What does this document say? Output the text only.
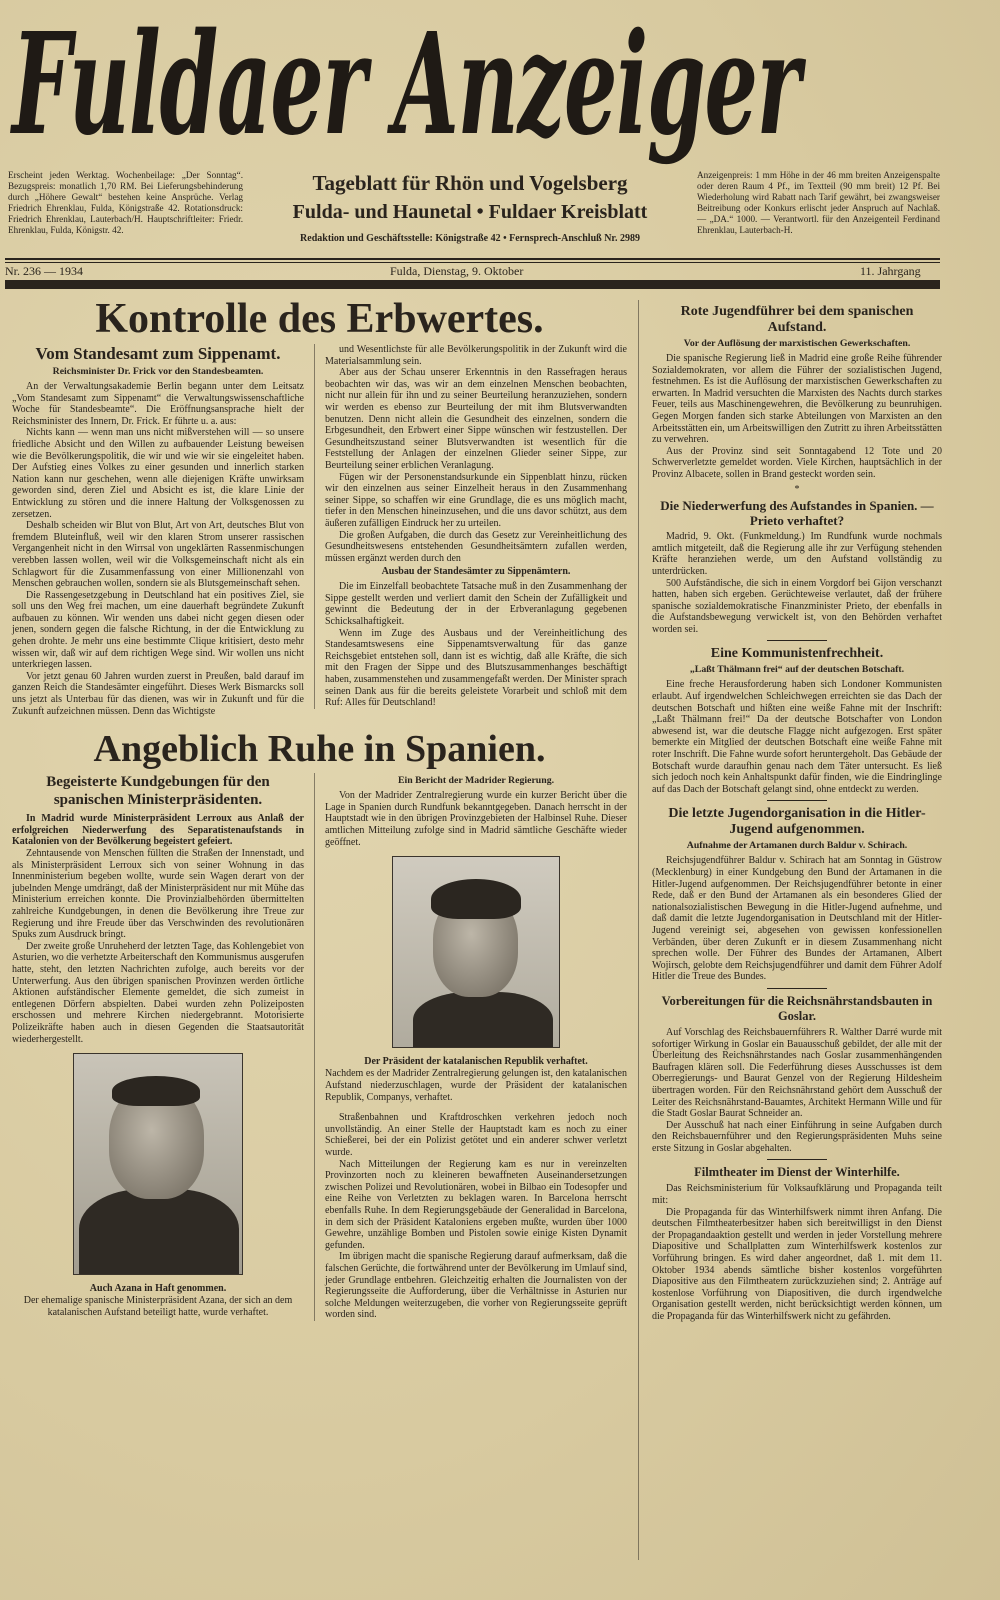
Fuldaer Anzeiger
Erscheint jeden Werktag. Wochenbeilage: „Der Sonntag“. Bezugspreis: monatlich 1,70 RM. Bei Lieferungsbehinderung durch „Höhere Gewalt“ bestehen keine Ansprüche. Verlag Friedrich Ehrenklau, Fulda, Königstraße 42. Rotationsdruck: Friedrich Ehrenklau, Lauterbach/H. Hauptschriftleiter: Friedr. Ehrenklau, Fulda, Königstr. 42.
Tageblatt für Rhön und Vogelsberg
Fulda- und Haunetal • Fuldaer Kreisblatt
Redaktion und Geschäftsstelle: Königstraße 42 • Fernsprech-Anschluß Nr. 2989
Anzeigenpreis: 1 mm Höhe in der 46 mm breiten Anzeigenspalte oder deren Raum 4 Pf., im Textteil (90 mm breit) 12 Pf. Bei Wiederholung wird Rabatt nach Tarif gewährt, bei zwangsweiser Beitreibung oder Konkurs erlischt jeder Anspruch auf Nachlaß. — „DA.“ 1000. — Verantwortl. für den Anzeigenteil Ferdinand Ehrenklau, Lauterbach-H.
Nr. 236 — 1934	Fulda, Dienstag, 9. Oktober	11. Jahrgang
Kontrolle des Erbwertes.
Vom Standesamt zum Sippenamt.
Reichsminister Dr. Frick vor den Standesbeamten.

An der Verwaltungsakademie Berlin begann unter dem Leitsatz „Vom Standesamt zum Sippenamt“ die Verwaltungswissenschaftliche Woche für Standesbeamte“. Die Eröffnungsansprache hielt der Reichsminister des Innern, Dr. Frick. Er führte u. a. aus:

Nichts kann — wenn man uns nicht mißverstehen will — so unsere friedliche Absicht und den Willen zu aufbauender Leistung beweisen wie die Bevölkerungspolitik, die wir und wie wir sie eingeleitet haben. Der Aufstieg eines Volkes zu einer gesunden und innerlich starken Nation kann nur geschehen, wenn alle diejenigen Kräfte unwirksam geworden sind, deren Ziel und Absicht es ist, die klare Linie der Entwicklung zu stören und die innere Haltung der Volksgenossen zu zersetzen.

Deshalb scheiden wir Blut von Blut, Art von Art, deutsches Blut von fremdem Bluteinfluß, weil wir den klaren Strom unserer rassischen Vergangenheit nicht in den Wirrsal von ungeklärten Rassenmischungen verebben lassen wollen, weil wir die Volksgemeinschaft nicht als ein Schlagwort für die Zusammenfassung von einer Millionenzahl von Menschen gebrauchen wollen, sondern sie als Blutsgemeinschaft sehen.

Die Rassengesetzgebung in Deutschland hat ein positives Ziel, sie soll uns den Weg frei machen, um eine dauerhaft begründete Zukunft aufbauen zu können. Wir wenden uns dabei nicht gegen diesen oder jenen, sondern gegen die falsche Richtung, in der die Entwicklung zu gehen drohte. Je mehr uns eine bestimmte Clique kritisiert, desto mehr wissen wir, daß wir auf dem richtigen Wege sind. Wir wollen uns nicht unterkriegen lassen.

Vor jetzt genau 60 Jahren wurden zuerst in Preußen, bald darauf im ganzen Reich die Standesämter eingeführt. Dieses Werk Bismarcks soll uns jetzt als Unterbau für das dienen, was wir in Zukunft und für die Zukunft aufzeichnen müssen. Denn das Wichtigste

und Wesentlichste für alle Bevölkerungspolitik in der Zukunft wird die Materialsammlung sein.

Aber aus der Schau unserer Erkenntnis in den Rassefragen heraus beobachten wir das, was wir an dem einzelnen Menschen beobachten, nicht nur allein für ihn und zu seiner Beurteilung heranzuziehen, sondern wir werden es ebenso zur Beurteilung der mit ihm Blutsverwandten benutzen. Denn nicht allein die Gesundheit des einzelnen, sondern die Erbgesundheit, den Erbwert einer Sippe wünschen wir festzustellen. Der Gesundheitszustand seiner Blutsverwandten ist wesentlich für die Feststellung der Anlagen der einzelnen Glieder seiner Sippe, zur Beurteilung seiner erblichen Veranlagung.

Fügen wir der Personenstandsurkunde ein Sippenblatt hinzu, rücken wir den einzelnen aus seiner Einzelheit heraus in den Zusammenhang seiner Sippe, so schaffen wir eine Grundlage, die es uns möglich macht, tiefer in den Menschen hineinzusehen, und die uns davor schützt, aus dem äußeren zufälligen Eindruck her zu urteilen.

Die großen Aufgaben, die durch das Gesetz zur Vereinheitlichung des Gesundheitswesens entstehenden Gesundheitsämtern zufallen werden, müssen ergänzt werden durch den

Ausbau der Standesämter zu Sippenämtern.

Die im Einzelfall beobachtete Tatsache muß in den Zusammenhang der Sippe gestellt werden und verliert damit den Schein der Zufälligkeit und gewinnt die Bedeutung der in der Erbveranlagung gegebenen Schicksalhaftigkeit.

Wenn im Zuge des Ausbaus und der Vereinheitlichung des Standesamtswesens eine Sippenamtsverwaltung für das ganze Reichsgebiet entstehen soll, dann ist es wichtig, daß alle Kräfte, die sich mit den Fragen der Sippe und des Blutszusammenhanges beschäftigt haben, zusammenstehen und zusammengefaßt werden. Der Minister sprach seinen Dank aus für die bereits geleistete Vorarbeit und schloß mit dem Ruf: Alles für Deutschland!

Angeblich Ruhe in Spanien.
Begeisterte Kundgebungen für den spanischen Ministerpräsidenten.

In Madrid wurde Ministerpräsident Lerroux aus Anlaß der erfolgreichen Niederwerfung des Separatistenaufstands in Katalonien von der Bevölkerung begeistert gefeiert.

Zehntausende von Menschen füllten die Straßen der Innenstadt, und als Ministerpräsident Lerroux sich von seiner Wohnung in das Innenministerium begeben wollte, wurde sein Wagen derart von der jubelnden Menge umdrängt, daß der Ministerpräsident nur mit Mühe das Ministerium erreichen konnte. Die Provinzialbehörden übermittelten zahlreiche Kundgebungen, in denen die Bevölkerung ihre Treue zur Regierung und ihre Freude über das Verschwinden des revolutionären Spuks zum Ausdruck bringt.

Der zweite große Unruheherd der letzten Tage, das Kohlengebiet von Asturien, wo die verhetzte Arbeiterschaft den Kommunismus ausgerufen hatte, steht, den letzten Nachrichten zufolge, auch bereits vor der Unterwerfung. Aus den übrigen spanischen Provinzen werden örtliche Aktionen aufständischer Elemente gemeldet, die sich zumeist in entlegenen Dörfern abspielten. Dabei wurden zehn Polizeiposten erschossen und mehrere Kirchen niedergebrannt. Motorisierte Polizeikräfte haben auch in diesen Gegenden die Staatsautorität wiederhergestellt.

Auch Azana in Haft genommen.
Der ehemalige spanische Ministerpräsident Azana, der sich an dem katalanischen Aufstand beteiligt hatte, wurde verhaftet.
Ein Bericht der Madrider Regierung.

Von der Madrider Zentralregierung wurde ein kurzer Bericht über die Lage in Spanien durch Rundfunk bekanntgegeben. Danach herrscht in der Hauptstadt wie in den übrigen Provinzgebieten der Halbinsel Ruhe. Dieser amtlichen Mitteilung zufolge sind in Madrid sämtliche Geschäfte wieder geöffnet.

Der Präsident der katalanischen Republik verhaftet.
Nachdem es der Madrider Zentralregierung gelungen ist, den katalanischen Aufstand niederzuschlagen, wurde der Präsident der katalanischen Republik, Companys, verhaftet.

Straßenbahnen und Kraftdroschken verkehren jedoch noch unvollständig. An einer Stelle der Hauptstadt kam es noch zu einer Schießerei, bei der ein Polizist getötet und ein anderer schwer verletzt wurde.

Nach Mitteilungen der Regierung kam es nur in vereinzelten Provinzorten noch zu kleineren bewaffneten Auseinandersetzungen zwischen Polizei und Revolutionären, wobei in Bilbao ein Todesopfer und eine Reihe von Verletzten zu beklagen waren. In Barcelona herrscht ebenfalls Ruhe. In dem Regierungsgebäude der Generalidad in Barcelona, in dem sich der Präsident Kataloniens ergeben mußte, wurden über 1000 Gewehre, unzählige Bomben und Pistolen sowie einige Kisten Dynamit gefunden.

Im übrigen macht die spanische Regierung darauf aufmerksam, daß die falschen Gerüchte, die fortwährend unter der Bevölkerung im Umlauf sind, jeder Grundlage entbehren. Gleichzeitig erhalten die Journalisten von der Regierungsseite die Aufforderung, über die Verhältnisse in Asturien nur solche Meldungen weiterzugeben, die vorher von Regierungsseite geprüft worden sind.

Rote Jugendführer bei dem spanischen Aufstand.
Vor der Auflösung der marxistischen Gewerkschaften.

Die spanische Regierung ließ in Madrid eine große Reihe führender Sozialdemokraten, vor allem die Führer der sozialistischen Jugend, festnehmen. Es ist die Auflösung der marxistischen Gewerkschaften zu erwarten. In Madrid versuchten die Marxisten des Nachts durch starkes Feuer, teils aus Maschinengewehren, die Bevölkerung zu beunruhigen. Gegen Morgen fanden sich starke Abteilungen von Marxisten an den Arbeitsstätten ein, um Arbeitswilligen den Zutritt zu ihren Arbeitsstätten zu verwehren.

Aus der Provinz sind seit Sonntagabend 12 Tote und 20 Schwerverletzte gemeldet worden. Viele Kirchen, hauptsächlich in der Provinz Albacete, sollen in Brand gesteckt worden sein.

*
Die Niederwerfung des Aufstandes in Spanien. — Prieto verhaftet?

Madrid, 9. Okt. (Funkmeldung.) Im Rundfunk wurde nochmals amtlich mitgeteilt, daß die Regierung alle ihr zur Verfügung stehenden Kräfte heranziehen werde, um den Aufstand vollständig zu unterdrücken.

500 Aufständische, die sich in einem Vorgdorf bei Gijon verschanzt hatten, haben sich ergeben. Gerüchteweise verlautet, daß der frühere spanische sozialdemokratische Finanzminister Prieto, der ebenfalls in die Aufstandsbewegung verwickelt ist, von den Behörden verhaftet worden sei.

Eine Kommunistenfrechheit.
„Laßt Thälmann frei“ auf der deutschen Botschaft.

Eine freche Herausforderung haben sich Londoner Kommunisten erlaubt. Auf irgendwelchen Schleichwegen erreichten sie das Dach der deutschen Botschaft und hißten eine weiße Fahne mit der Inschrift: „Laßt Thälmann frei!“ Da der deutsche Botschafter von London abwesend ist, war die deutsche Flagge nicht aufgezogen. Erst später bemerkte ein Mitglied der deutschen Botschaft eine weiße Fahne mit roter Inschrift. Die Fahne wurde sofort heruntergeholt. Das Gebäude der Botschaft wurde daraufhin genau nach dem Täter untersucht. Es ließ sich jedoch noch kein Anhaltspunkt dafür finden, wie die Eindringlinge auf das Dach der Botschaft gelangt sind, ohne entdeckt zu werden.

Die letzte Jugendorganisation in die Hitler-Jugend aufgenommen.
Aufnahme der Artamanen durch Baldur v. Schirach.

Reichsjugendführer Baldur v. Schirach hat am Sonntag in Güstrow (Mecklenburg) in einer Kundgebung den Bund der Artamanen in die Hitler-Jugend aufgenommen. Der Reichsjugendführer betonte in einer Rede, daß er den Bund der Artamanen als ein besonderes Glied der nationalsozialistischen Bewegung in die Hitler-Jugend aufnehme, und daß damit die letzte Jugendorganisation in Deutschland mit der Hitler-Jugend vereinigt sei, abgesehen von gewissen konfessionellen Verbänden, über deren Zukunft er in diesem Zusammenhang nicht sprechen wolle. Der Führer des Bundes der Artamanen, Albert Wojirsch, gelobte dem Reichsjugendführer und damit dem Führer Adolf Hitler die Treue des Bundes.

Vorbereitungen für die Reichsnährstandsbauten in Goslar.

Auf Vorschlag des Reichsbauernführers R. Walther Darré wurde mit sofortiger Wirkung in Goslar ein Bauausschuß gebildet, der alle mit der Überleitung des Reichsnährstandes nach Goslar zusammenhängenden Baufragen klären soll. Die Federführung dieses Ausschusses ist dem Oberregierungs- und Baurat Genzel von der Regierung Hildesheim übertragen worden. Für den Reichsnährstand gehört dem Ausschuß der Leiter des Reichsnährstand-Bauamtes, Architekt Hermann Wille und für die Stadt Goslar Baurat Schneider an.

Der Ausschuß hat nach einer Einführung in seine Aufgaben durch den Reichsbauernführer und den Regierungspräsidenten Muhs seine erste Sitzung in Goslar abgehalten.

Filmtheater im Dienst der Winterhilfe.

Das Reichsministerium für Volksaufklärung und Propaganda teilt mit:

Die Propaganda für das Winterhilfswerk nimmt ihren Anfang. Die deutschen Filmtheaterbesitzer haben sich bereitwilligst in den Dienst der Propagandaaktion gestellt und werden in jeder Vorstellung mehrere Diapositive und Schallplatten zum Winterhilfswerk kostenlos zur Vorführung bringen. Es wird daher angeordnet, daß 1. mit dem 11. Oktober 1934 abends sämtliche bisher kostenlos vorgeführten Diapositive aus den Filmtheatern zurückzuziehen sind; 2. Anträge auf kostenlose Vorführung von Diapositiven, die durch irgendwelche Organisation gestellt werden, nicht berücksichtigt werden können, um die Propaganda für das Winterhilfswerk nicht zu gefährden.
